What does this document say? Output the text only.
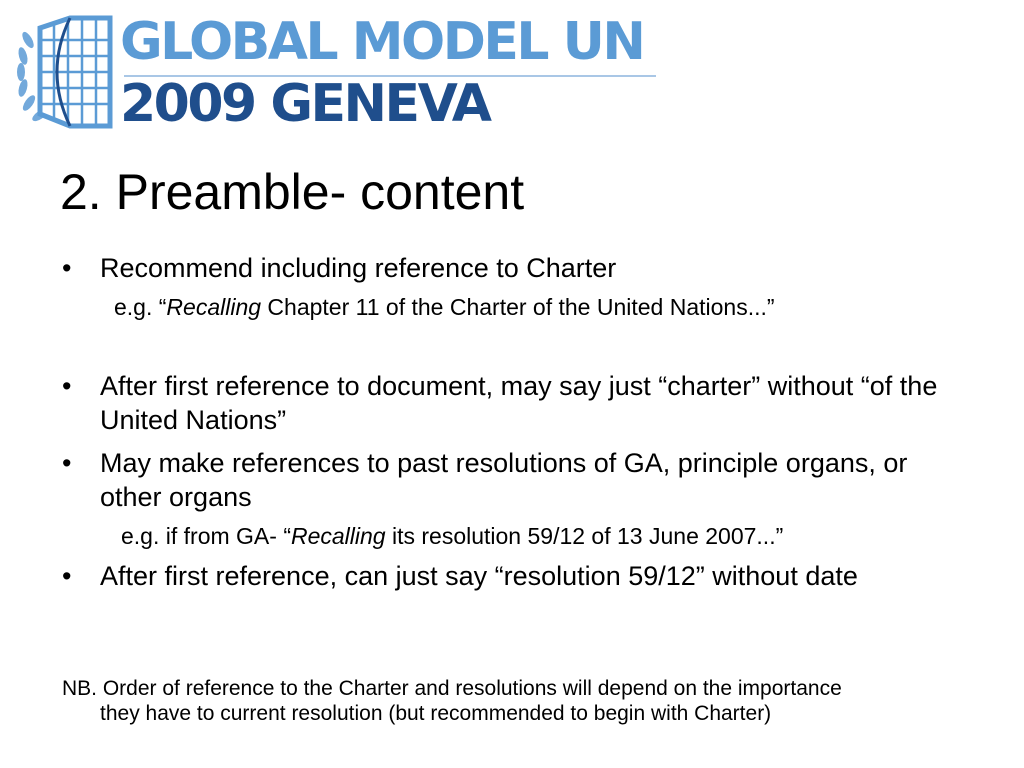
GLOBAL MODEL UN
2009 GENEVA
2. Preamble- content
•	Recommend including reference to Charter
e.g. “Recalling Chapter 11 of the Charter of the United Nations...”
•	After first reference to document, may say just “charter” without “of the United Nations”
•	May make references to past resolutions of GA, principle organs, or other organs
e.g. if from GA- “Recalling its resolution 59/12 of 13 June 2007...”
•	After first reference, can just say “resolution 59/12” without date
NB. Order of reference to the Charter and resolutions will depend on the importance
they have to current resolution (but recommended to begin with Charter)
